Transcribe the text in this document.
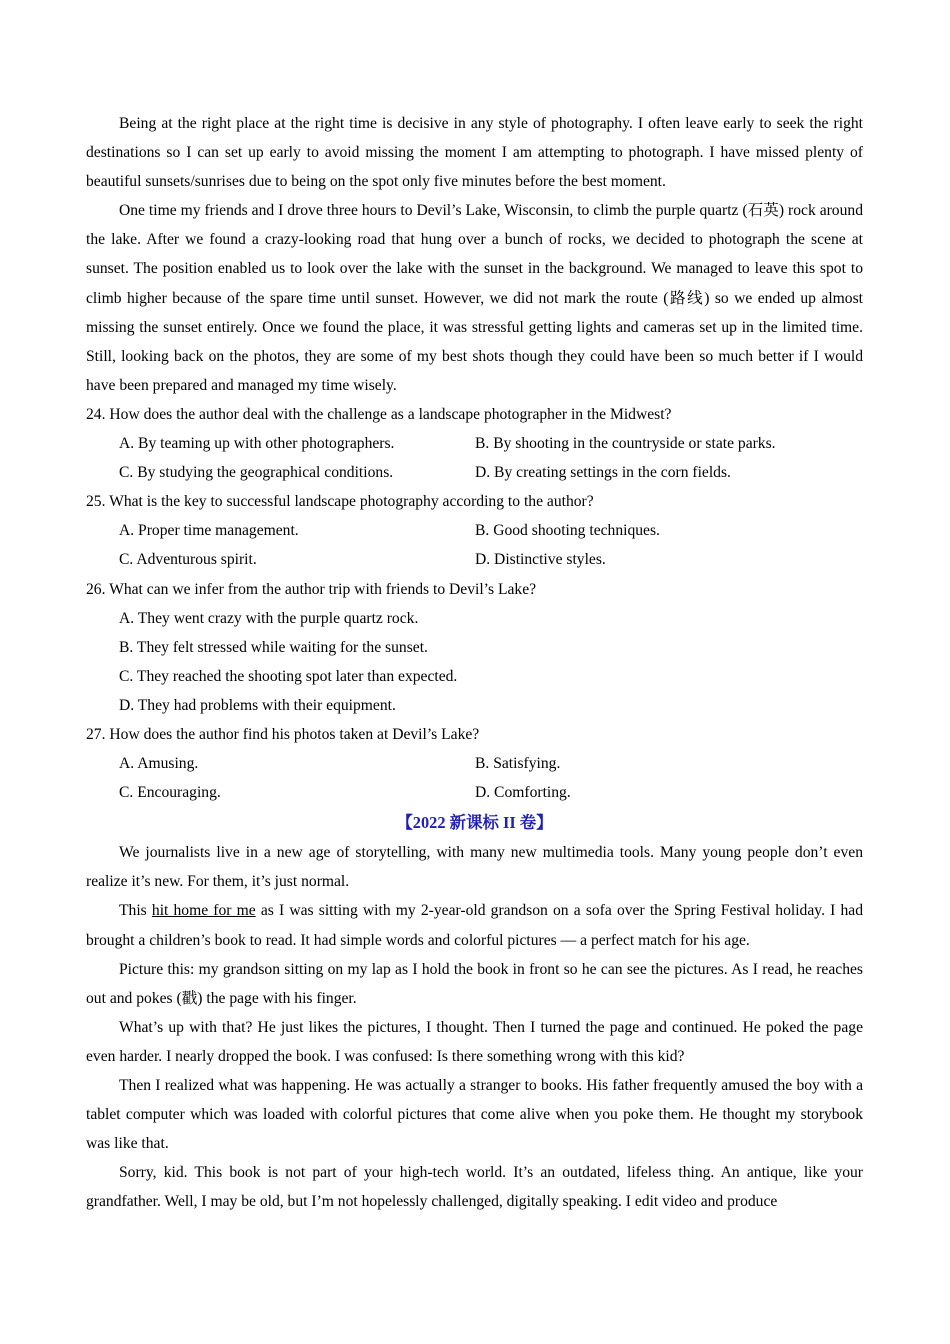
Being at the right place at the right time is decisive in any style of photography. I often leave early to seek the right destinations so I can set up early to avoid missing the moment I am attempting to photograph. I have missed plenty of beautiful sunsets/sunrises due to being on the spot only five minutes before the best moment.

One time my friends and I drove three hours to Devil’s Lake, Wisconsin, to climb the purple quartz (石英) rock around the lake. After we found a crazy-looking road that hung over a bunch of rocks, we decided to photograph the scene at sunset. The position enabled us to look over the lake with the sunset in the background. We managed to leave this spot to climb higher because of the spare time until sunset. However, we did not mark the route (路线) so we ended up almost missing the sunset entirely. Once we found the place, it was stressful getting lights and cameras set up in the limited time. Still, looking back on the photos, they are some of my best shots though they could have been so much better if I would have been prepared and managed my time wisely.

24. How does the author deal with the challenge as a landscape photographer in the Midwest?

A. By teaming up with other photographers.	B. By shooting in the countryside or state parks.
C. By studying the geographical conditions.	D. By creating settings in the corn fields.

25. What is the key to successful landscape photography according to the author?

A. Proper time management.	B. Good shooting techniques.
C. Adventurous spirit.	D. Distinctive styles.

26. What can we infer from the author trip with friends to Devil’s Lake?

A. They went crazy with the purple quartz rock.

B. They felt stressed while waiting for the sunset.

C. They reached the shooting spot later than expected.

D. They had problems with their equipment.

27. How does the author find his photos taken at Devil’s Lake?

A. Amusing.	B. Satisfying.
C. Encouraging.	D. Comforting.

【2022 新课标 II 卷】

We journalists live in a new age of storytelling, with many new multimedia tools. Many young people don’t even realize it’s new. For them, it’s just normal.

This hit home for me as I was sitting with my 2-year-old grandson on a sofa over the Spring Festival holiday. I had brought a children’s book to read. It had simple words and colorful pictures — a perfect match for his age.

Picture this: my grandson sitting on my lap as I hold the book in front so he can see the pictures. As I read, he reaches out and pokes (戳) the page with his finger.

What’s up with that? He just likes the pictures, I thought. Then I turned the page and continued. He poked the page even harder. I nearly dropped the book. I was confused: Is there something wrong with this kid?

Then I realized what was happening. He was actually a stranger to books. His father frequently amused the boy with a tablet computer which was loaded with colorful pictures that come alive when you poke them. He thought my storybook was like that.

Sorry, kid. This book is not part of your high-tech world. It’s an outdated, lifeless thing. An antique, like your grandfather. Well, I may be old, but I’m not hopelessly challenged, digitally speaking. I edit video and produce
